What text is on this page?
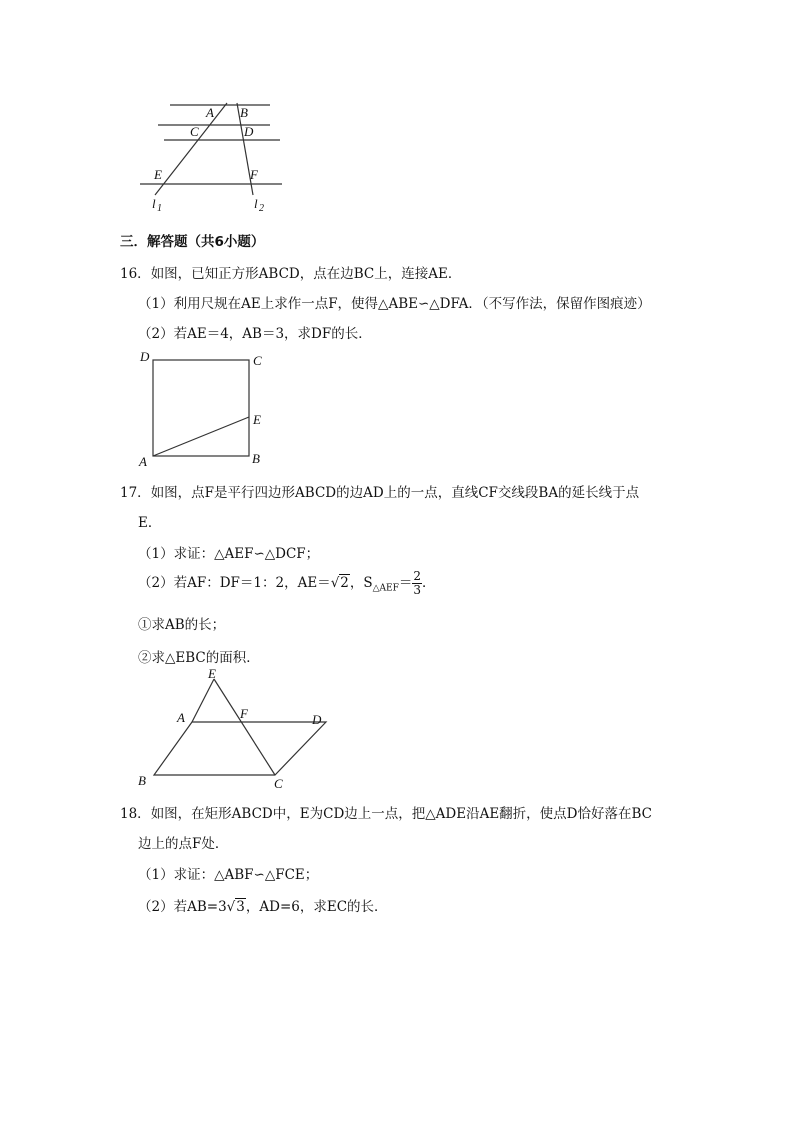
A B
C	D
E	F
l 1	l 2
三．解答题（共6小题）
16．如图，已知正方形ABCD，点在边BC上，连接AE．
（1）利用尺规在AE上求作一点F，使得△ABE∽△DFA．（不写作法，保留作图痕迹）
（2）若AE＝4，AB＝3，求DF的长．
D	C
E
A	B
17．如图，点F是平行四边形ABCD的边AD上的一点，直线CF交线段BA的延长线于点
E．
（1）求证：△AEF∽△DCF；
（2）若AF：DF＝1：2，AE＝√2，$S_{\triangle AEF}= \frac{2}{3}$ ．
①求AB的长；
②求△EBC的面积．
E
A	F	D
B	C
18．如图，在矩形ABCD中，E为CD边上一点，把△ADE沿AE翻折，使点D恰好落在BC
边上的点F处．
（1）求证：△ABF∽△FCE；
（2）若AB=3√3，AD=6，求EC的长．
